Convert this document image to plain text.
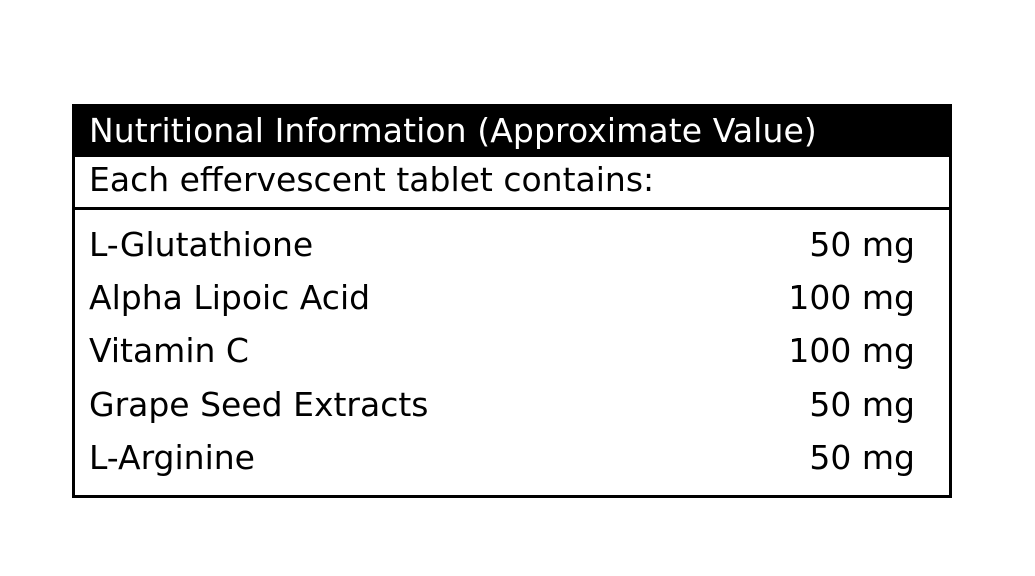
Nutritional Information (Approximate Value)
Each effervescent tablet contains:
L-Glutathione	50 mg
Alpha Lipoic Acid	100 mg
Vitamin C	100 mg
Grape Seed Extracts	50 mg
L-Arginine	50 mg
